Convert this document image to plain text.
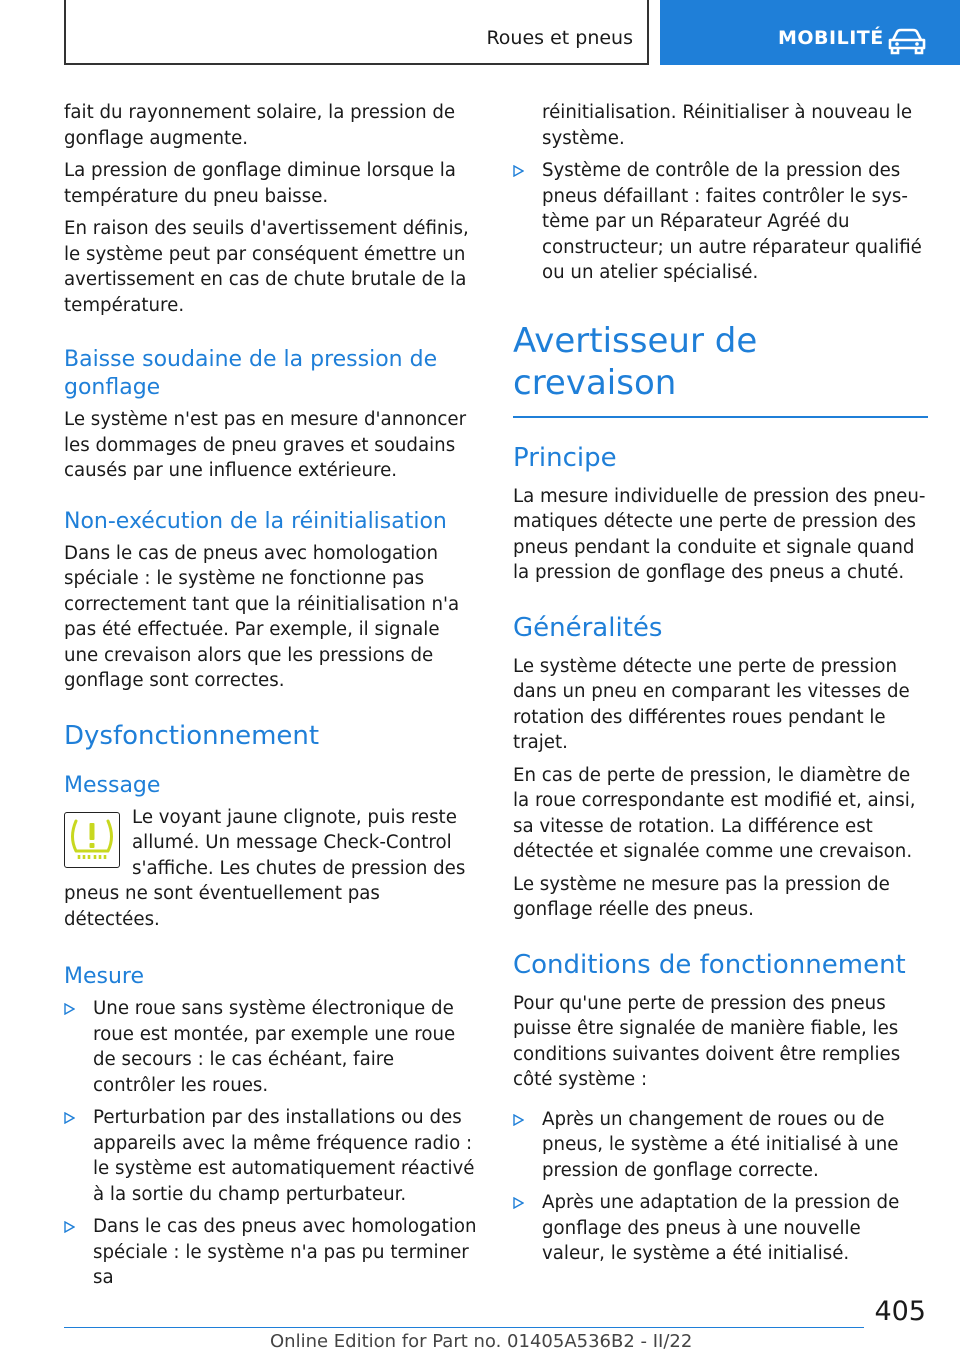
Roues et pneus	MOBILITÉ

fait du rayonnement solaire, la pression de gonflage augmente.

La pression de gonflage diminue lorsque la température du pneu baisse.

En raison des seuils d'avertissement définis, le système peut par conséquent émettre un avertissement en cas de chute brutale de la température.

Baisse soudaine de la pression de gonflage

Le système n'est pas en mesure d'annoncer les dommages de pneu graves et soudains causés par une influence extérieure.

Non-exécution de la réinitialisation

Dans le cas de pneus avec homologation spéciale : le système ne fonctionne pas correctement tant que la réinitialisation n'a pas été effectuée. Par exemple, il signale une crevaison alors que les pressions de gonflage sont correctes.

Dysfonctionnement
Message

Le voyant jaune clignote, puis reste allumé. Un message Check-Control s'affiche. Les chutes de pression des pneus ne sont éventuellement pas détectées.

Mesure
Une roue sans système électronique de roue est montée, par exemple une roue de secours : le cas échéant, faire contrôler les roues.
Perturbation par des installations ou des appareils avec la même fréquence radio : le système est automatiquement réactivé à la sortie du champ perturbateur.
Dans le cas des pneus avec homologation spéciale : le système n'a pas pu terminer sa
réinitialisation. Réinitialiser à nouveau le système.
Système de contrôle de la pression des pneus défaillant : faites contrôler le système par un Réparateur Agréé du constructeur; un autre réparateur qualifié ou un atelier spécialisé.
Avertisseur de crevaison
Principe

La mesure individuelle de pression des pneumatiques détecte une perte de pression des pneus pendant la conduite et signale quand la pression de gonflage des pneus a chuté.

Généralités

Le système détecte une perte de pression dans un pneu en comparant les vitesses de rotation des différentes roues pendant le trajet.

En cas de perte de pression, le diamètre de la roue correspondante est modifié et, ainsi, sa vitesse de rotation. La différence est détectée et signalée comme une crevaison.

Le système ne mesure pas la pression de gonflage réelle des pneus.

Conditions de fonctionnement

Pour qu'une perte de pression des pneus puisse être signalée de manière fiable, les conditions suivantes doivent être remplies côté système :

Après un changement de roues ou de pneus, le système a été initialisé à une pression de gonflage correcte.
Après une adaptation de la pression de gonflage des pneus à une nouvelle valeur, le système a été initialisé.
405
Online Edition for Part no. 01405A536B2 - II/22
